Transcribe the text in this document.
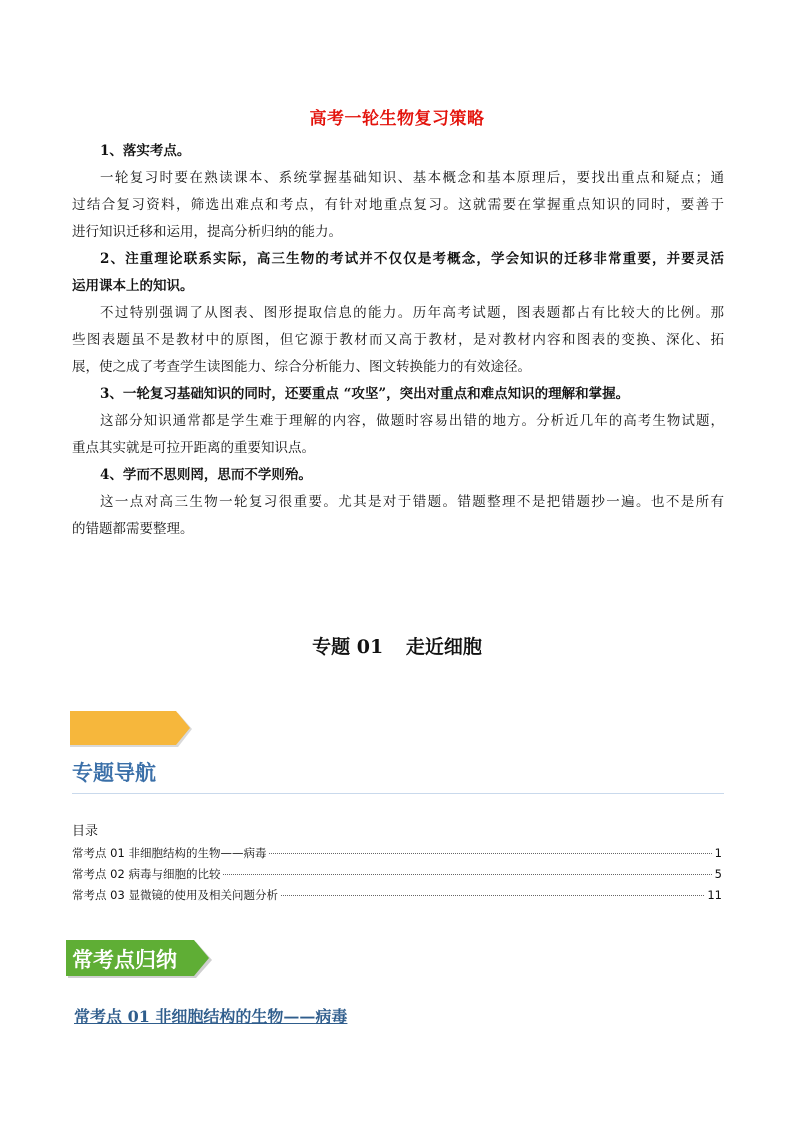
高考一轮生物复习策略
1、落实考点。
一轮复习时要在熟读课本、系统掌握基础知识、基本概念和基本原理后，要找出重点和疑点；通
过结合复习资料，筛选出难点和考点，有针对地重点复习。这就需要在掌握重点知识的同时，要善于
进行知识迁移和运用，提高分析归纳的能力。
2、注重理论联系实际，高三生物的考试并不仅仅是考概念，学会知识的迁移非常重要，并要灵活
运用课本上的知识。
不过特别强调了从图表、图形提取信息的能力。历年高考试题，图表题都占有比较大的比例。那
些图表题虽不是教材中的原图，但它源于教材而又高于教材，是对教材内容和图表的变换、深化、拓
展，使之成了考查学生读图能力、综合分析能力、图文转换能力的有效途径。
3、一轮复习基础知识的同时，还要重点 “攻坚”，突出对重点和难点知识的理解和掌握。
这部分知识通常都是学生难于理解的内容，做题时容易出错的地方。分析近几年的高考生物试题，
重点其实就是可拉开距离的重要知识点。
4、学而不思则罔，思而不学则殆。
这一点对高三生物一轮复习很重要。尤其是对于错题。错题整理不是把错题抄一遍。也不是所有
的错题都需要整理。
专题 01 走近细胞
专题导航
目录
常考点 01 非细胞结构的生物——病毒	1
常考点 02 病毒与细胞的比较	5
常考点 03 显微镜的使用及相关问题分析	11
常考点归纳
常考点 01 非细胞结构的生物——病毒
